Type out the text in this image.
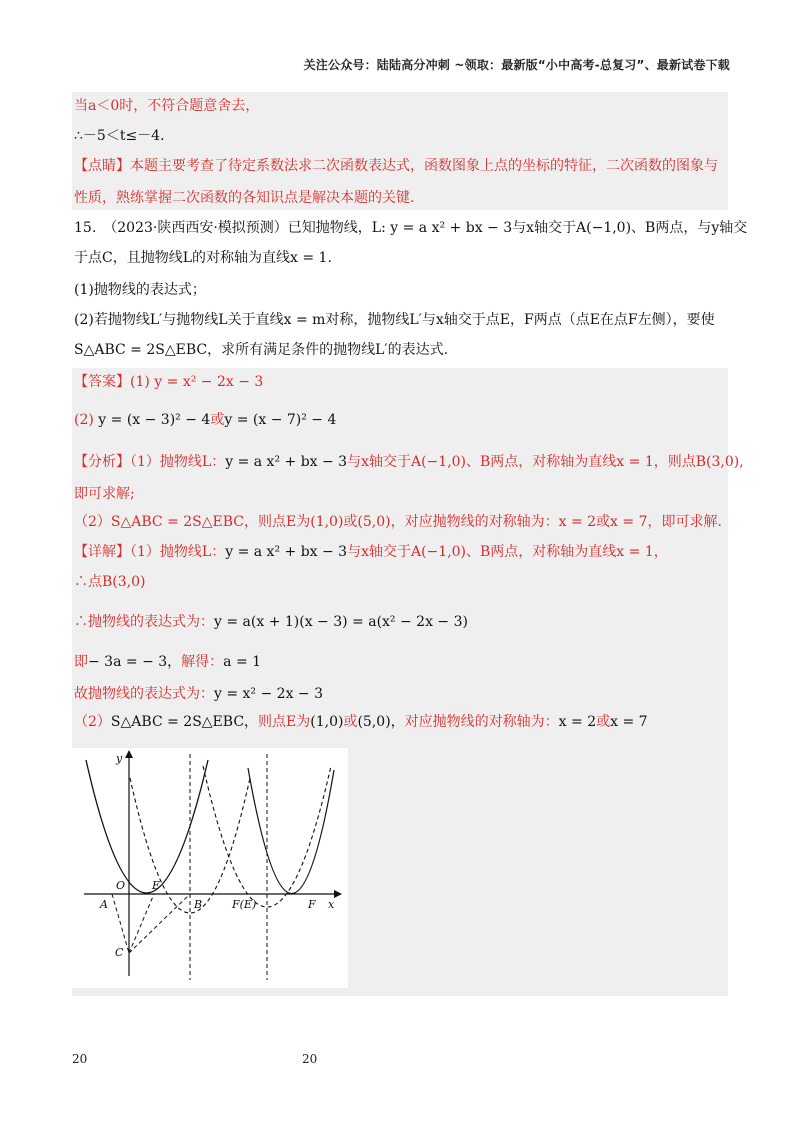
关注公众号：陆陆高分冲刺 ~领取：最新版“小中高考-总复习”、最新试卷下载
当a＜0时，不符合题意舍去，
∴－5＜t≤－4．
【点睛】本题主要考查了待定系数法求二次函数表达式，函数图象上点的坐标的特征，二次函数的图象与
性质，熟练掌握二次函数的各知识点是解决本题的关键.
15.　（2023·陕西西安·模拟预测）已知抛物线，L: y = a x² + bx − 3与x轴交于A(−1,0)、B两点，与y轴交
于点C，且抛物线L的对称轴为直线x = 1.
(1)抛物线的表达式；
(2)若抛物线L′与抛物线L关于直线x = m对称，抛物线L′与x轴交于点E，F两点（点E在点F左侧），要使
S△ABC = 2S△EBC，求所有满足条件的抛物线L′的表达式.
【答案】(1) y = x² − 2x − 3
(2) y = (x − 3)² − 4或y = (x − 7)² − 4
【分析】（1）抛物线L：y = a x² + bx − 3与x轴交于A(−1,0)、B两点，对称轴为直线x = 1，则点B(3,0),
即可求解;
（2）S△ABC = 2S△EBC，则点E为(1,0)或(5,0)，对应抛物线的对称轴为：x = 2或x = 7，即可求解.
【详解】（1）抛物线L：y = a x² + bx − 3与x轴交于A(−1,0)、B两点，对称轴为直线x = 1，
∴点B(3,0)
∴抛物线的表达式为：y = a(x + 1)(x − 3) = a(x² − 2x − 3)
即− 3a = − 3，解得：a = 1
故抛物线的表达式为：y = x² − 2x − 3
（2）S△ABC = 2S△EBC，则点E为(1,0)或(5,0)，对应抛物线的对称轴为：x = 2或x = 7
y
x
O E
A	B	F(E)	F
C
20	20
